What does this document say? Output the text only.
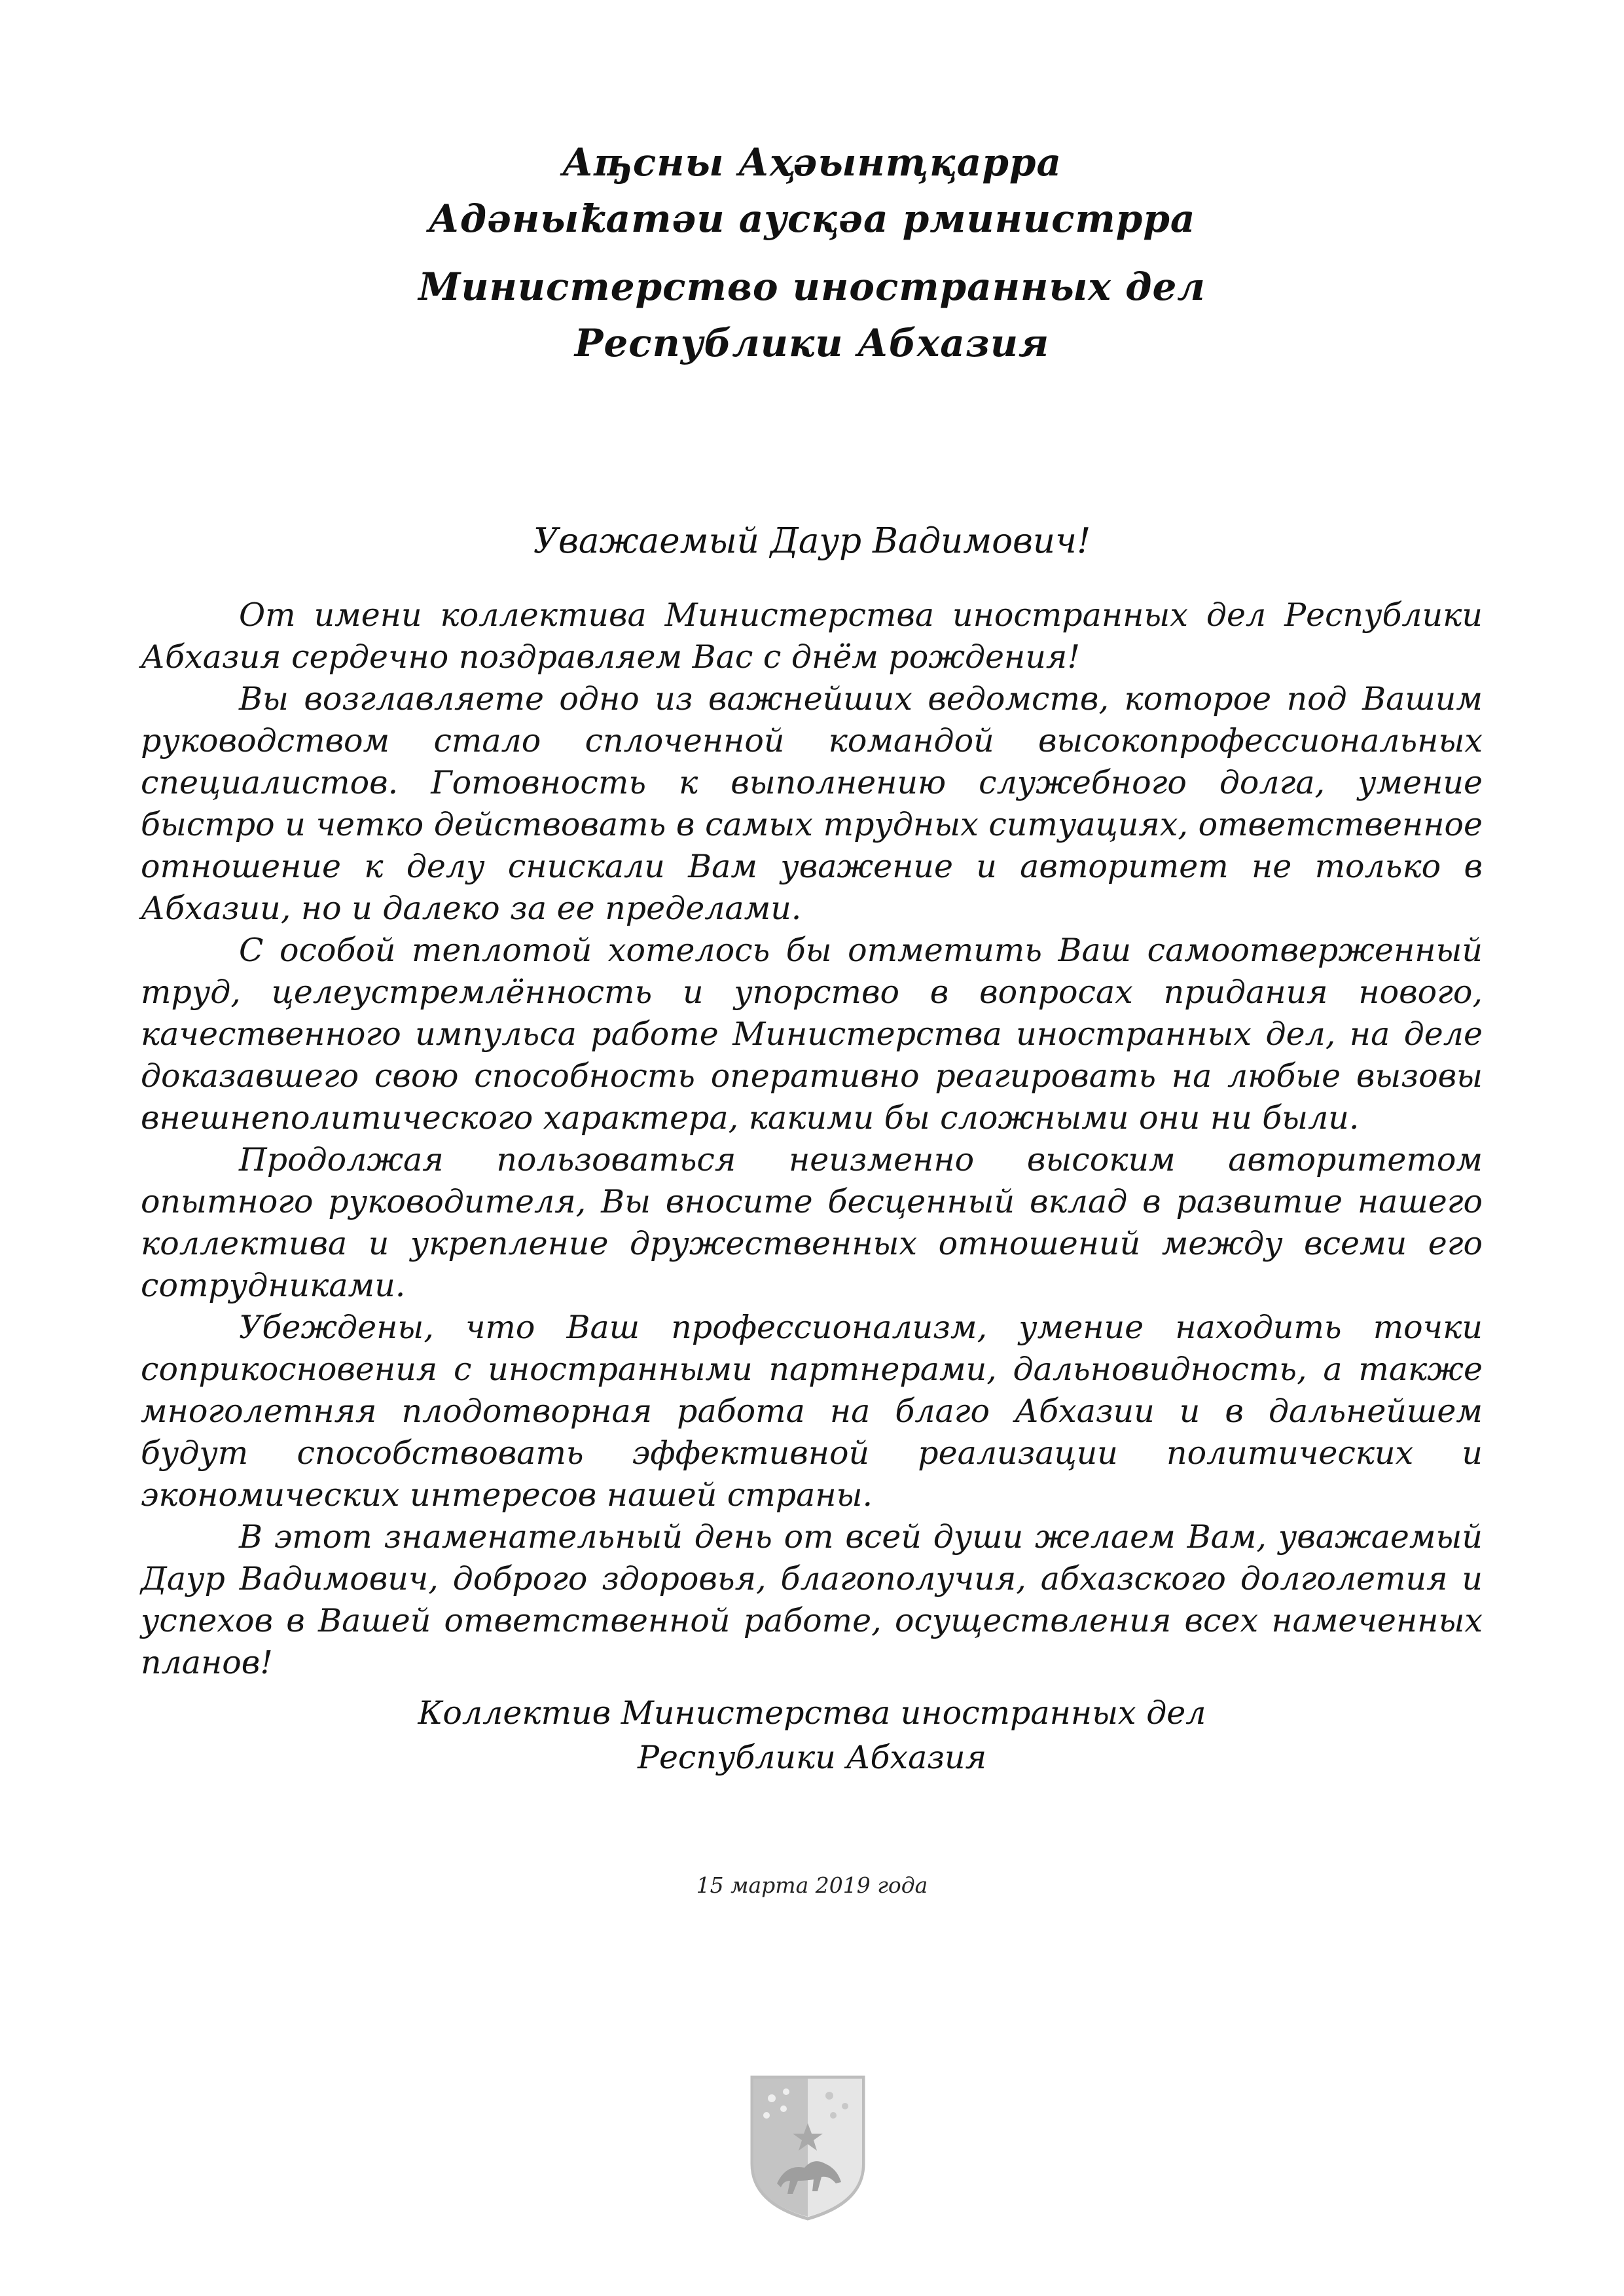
Аҧсны Аҳәынҭқарра
Адәныҟатәи аусқәа рминистрра
Министерство иностранных дел
Республики Абхазия
Уважаемый Даур Вадимович!

От имени коллектива Министерства иностранных дел Республики Абхазия сердечно поздравляем Вас с днём рождения!

Вы возглавляете одно из важнейших ведомств, которое под Вашим руководством стало сплоченной командой высокопрофессиональных специалистов. Готовность к выполнению служебного долга, умение быстро и четко действовать в самых трудных ситуациях, ответственное отношение к делу снискали Вам уважение и авторитет не только в Абхазии, но и далеко за ее пределами.

С особой теплотой хотелось бы отметить Ваш самоотверженный труд, целеустремлённость и упорство в вопросах придания нового, качественного импульса работе Министерства иностранных дел, на деле доказавшего свою способность оперативно реагировать на любые вызовы внешнеполитического характера, какими бы сложными они ни были.

Продолжая пользоваться неизменно высоким авторитетом опытного руководителя, Вы вносите бесценный вклад в развитие нашего коллектива и укрепление дружественных отношений между всеми его сотрудниками.

Убеждены, что Ваш профессионализм, умение находить точки соприкосновения с иностранными партнерами, дальновидность, а также многолетняя плодотворная работа на благо Абхазии и в дальнейшем будут способствовать эффективной реализации политических и экономических интересов нашей страны.

В этот знаменательный день от всей души желаем Вам, уважаемый Даур Вадимович, доброго здоровья, благополучия, абхазского долголетия и успехов в Вашей ответственной работе, осуществления всех намеченных планов!

Коллектив Министерства иностранных дел
Республики Абхазия
15 марта 2019 года
